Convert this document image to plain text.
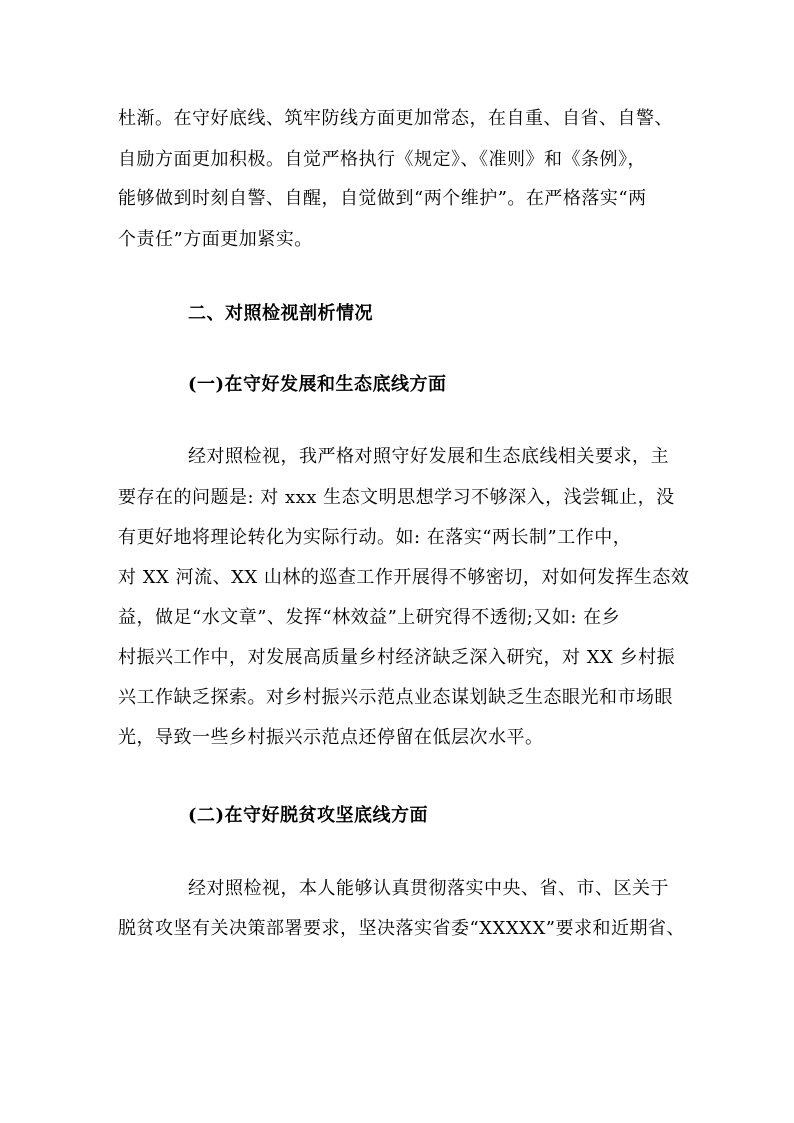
杜渐。在守好底线、筑牢防线方面更加常态，在自重、自省、自警、
自励方面更加积极。自觉严格执行《规定》、《准则》和《条例》，
能够做到时刻自警、自醒，自觉做到“两个维护”。在严格落实“两
个责任”方面更加紧实。
二、对照检视剖析情况
(一)在守好发展和生态底线方面
经对照检视，我严格对照守好发展和生态底线相关要求，主
要存在的问题是: 对 xxx 生态文明思想学习不够深入，浅尝辄止，没
有更好地将理论转化为实际行动。如: 在落实“两长制”工作中，
对 XX 河流、XX 山林的巡查工作开展得不够密切，对如何发挥生态效
益，做足“水文章”、发挥“林效益”上研究得不透彻;又如: 在乡
村振兴工作中，对发展高质量乡村经济缺乏深入研究，对 XX 乡村振
兴工作缺乏探索。对乡村振兴示范点业态谋划缺乏生态眼光和市场眼
光，导致一些乡村振兴示范点还停留在低层次水平。
(二)在守好脱贫攻坚底线方面
经对照检视，本人能够认真贯彻落实中央、省、市、区关于
脱贫攻坚有关决策部署要求，坚决落实省委“XXXXX”要求和近期省、
